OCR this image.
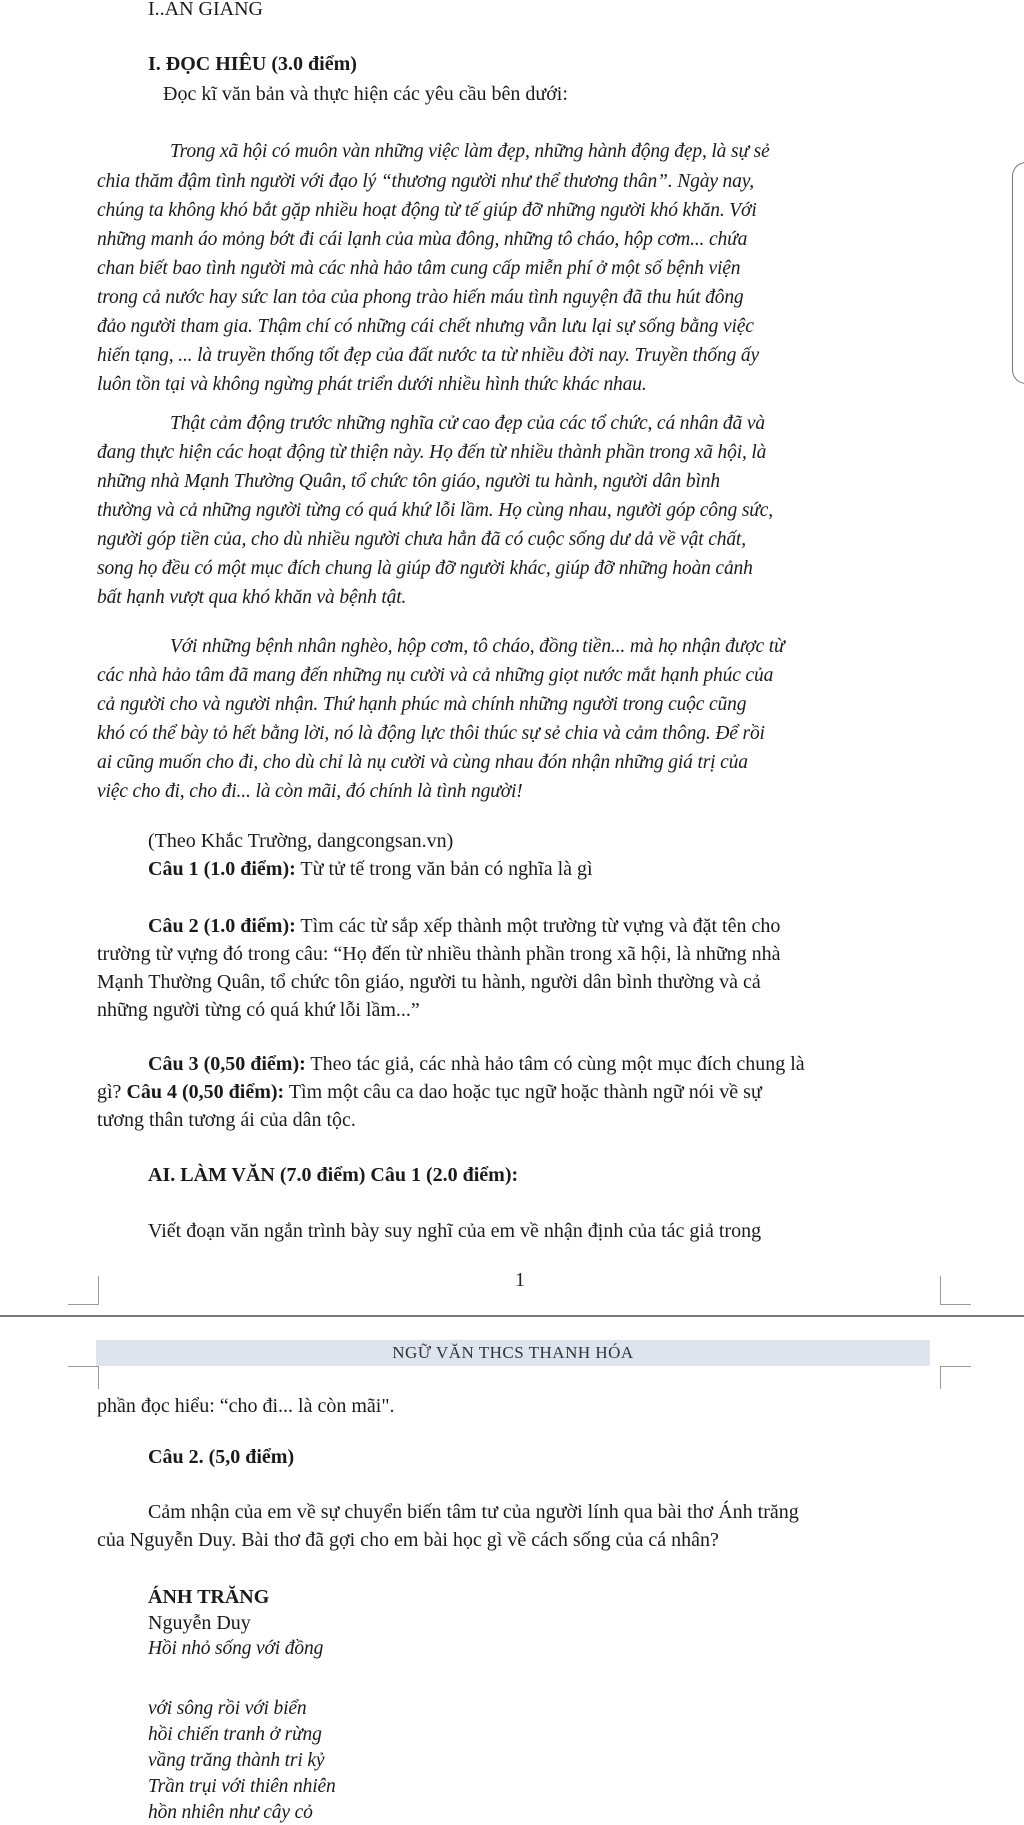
I..AN GIANG
I. ĐỌC HIÊU (3.0 điểm)
Đọc kĩ văn bản và thực hiện các yêu cầu bên dưới:
Trong xã hội có muôn vàn những việc làm đẹp, những hành động đẹp, là sự sẻ
chia thăm đậm tình người với đạo lý “thương người như thể thương thân”. Ngày nay,
chúng ta không khó bắt gặp nhiều hoạt động từ tế giúp đỡ những người khó khăn. Với
những manh áo mỏng bớt đi cái lạnh của mùa đông, những tô cháo, hộp cơm... chứa
chan biết bao tình người mà các nhà hảo tâm cung cấp miễn phí ở một số bệnh viện
trong cả nước hay sức lan tỏa của phong trào hiến máu tình nguyện đã thu hút đông
đảo người tham gia. Thậm chí có những cái chết nhưng vẫn lưu lại sự sống bằng việc
hiến tạng, ... là truyền thống tốt đẹp của đất nước ta từ nhiều đời nay. Truyền thống ấy
luôn tồn tại và không ngừng phát triển dưới nhiều hình thức khác nhau.
Thật cảm động trước những nghĩa cử cao đẹp của các tổ chức, cá nhân đã và
đang thực hiện các hoạt động từ thiện này. Họ đến từ nhiều thành phần trong xã hội, là
những nhà Mạnh Thường Quân, tổ chức tôn giáo, người tu hành, người dân bình
thường và cả những người từng có quá khứ lỗi lầm. Họ cùng nhau, người góp công sức,
người góp tiền của, cho dù nhiều người chưa hẳn đã có cuộc sống dư dả về vật chất,
song họ đều có một mục đích chung là giúp đỡ người khác, giúp đỡ những hoàn cảnh
bất hạnh vượt qua khó khăn và bệnh tật.
Với những bệnh nhân nghèo, hộp cơm, tô cháo, đồng tiền... mà họ nhận được từ
các nhà hảo tâm đã mang đến những nụ cười và cả những giọt nước mắt hạnh phúc của
cả người cho và người nhận. Thứ hạnh phúc mà chính những người trong cuộc cũng
khó có thể bày tỏ hết bằng lời, nó là động lực thôi thúc sự sẻ chia và cảm thông. Để rồi
ai cũng muốn cho đi, cho dù chỉ là nụ cười và cùng nhau đón nhận những giá trị của
việc cho đi, cho đi... là còn mãi, đó chính là tình người!
(Theo Khắc Trường, dangcongsan.vn)
Câu 1 (1.0 điểm): Từ tử tế trong văn bản có nghĩa là gì
Câu 2 (1.0 điểm): Tìm các từ sắp xếp thành một trường từ vựng và đặt tên cho
trường từ vựng đó trong câu: “Họ đến từ nhiều thành phần trong xã hội, là những nhà
Mạnh Thường Quân, tổ chức tôn giáo, người tu hành, người dân bình thường và cả
những người từng có quá khứ lỗi lầm...”
Câu 3 (0,50 điểm): Theo tác giả, các nhà hảo tâm có cùng một mục đích chung là
gì? Câu 4 (0,50 điểm): Tìm một câu ca dao hoặc tục ngữ hoặc thành ngữ nói về sự
tương thân tương ái của dân tộc.
AI. LÀM VĂN (7.0 điểm) Câu 1 (2.0 điểm):
Viết đoạn văn ngắn trình bày suy nghĩ của em về nhận định của tác giả trong
1
NGỮ VĂN THCS THANH HÓA
phần đọc hiểu: “cho đi... là còn mãi".
Câu 2. (5,0 điểm)
Cảm nhận của em về sự chuyển biến tâm tư của người lính qua bài thơ Ánh trăng
của Nguyễn Duy. Bài thơ đã gợi cho em bài học gì về cách sống của cá nhân?
ÁNH TRĂNG
Nguyễn Duy
Hồi nhỏ sống với đồng
với sông rồi với biển
hồi chiến tranh ở rừng
vầng trăng thành tri kỷ
Trần trụi với thiên nhiên
hồn nhiên như cây cỏ
